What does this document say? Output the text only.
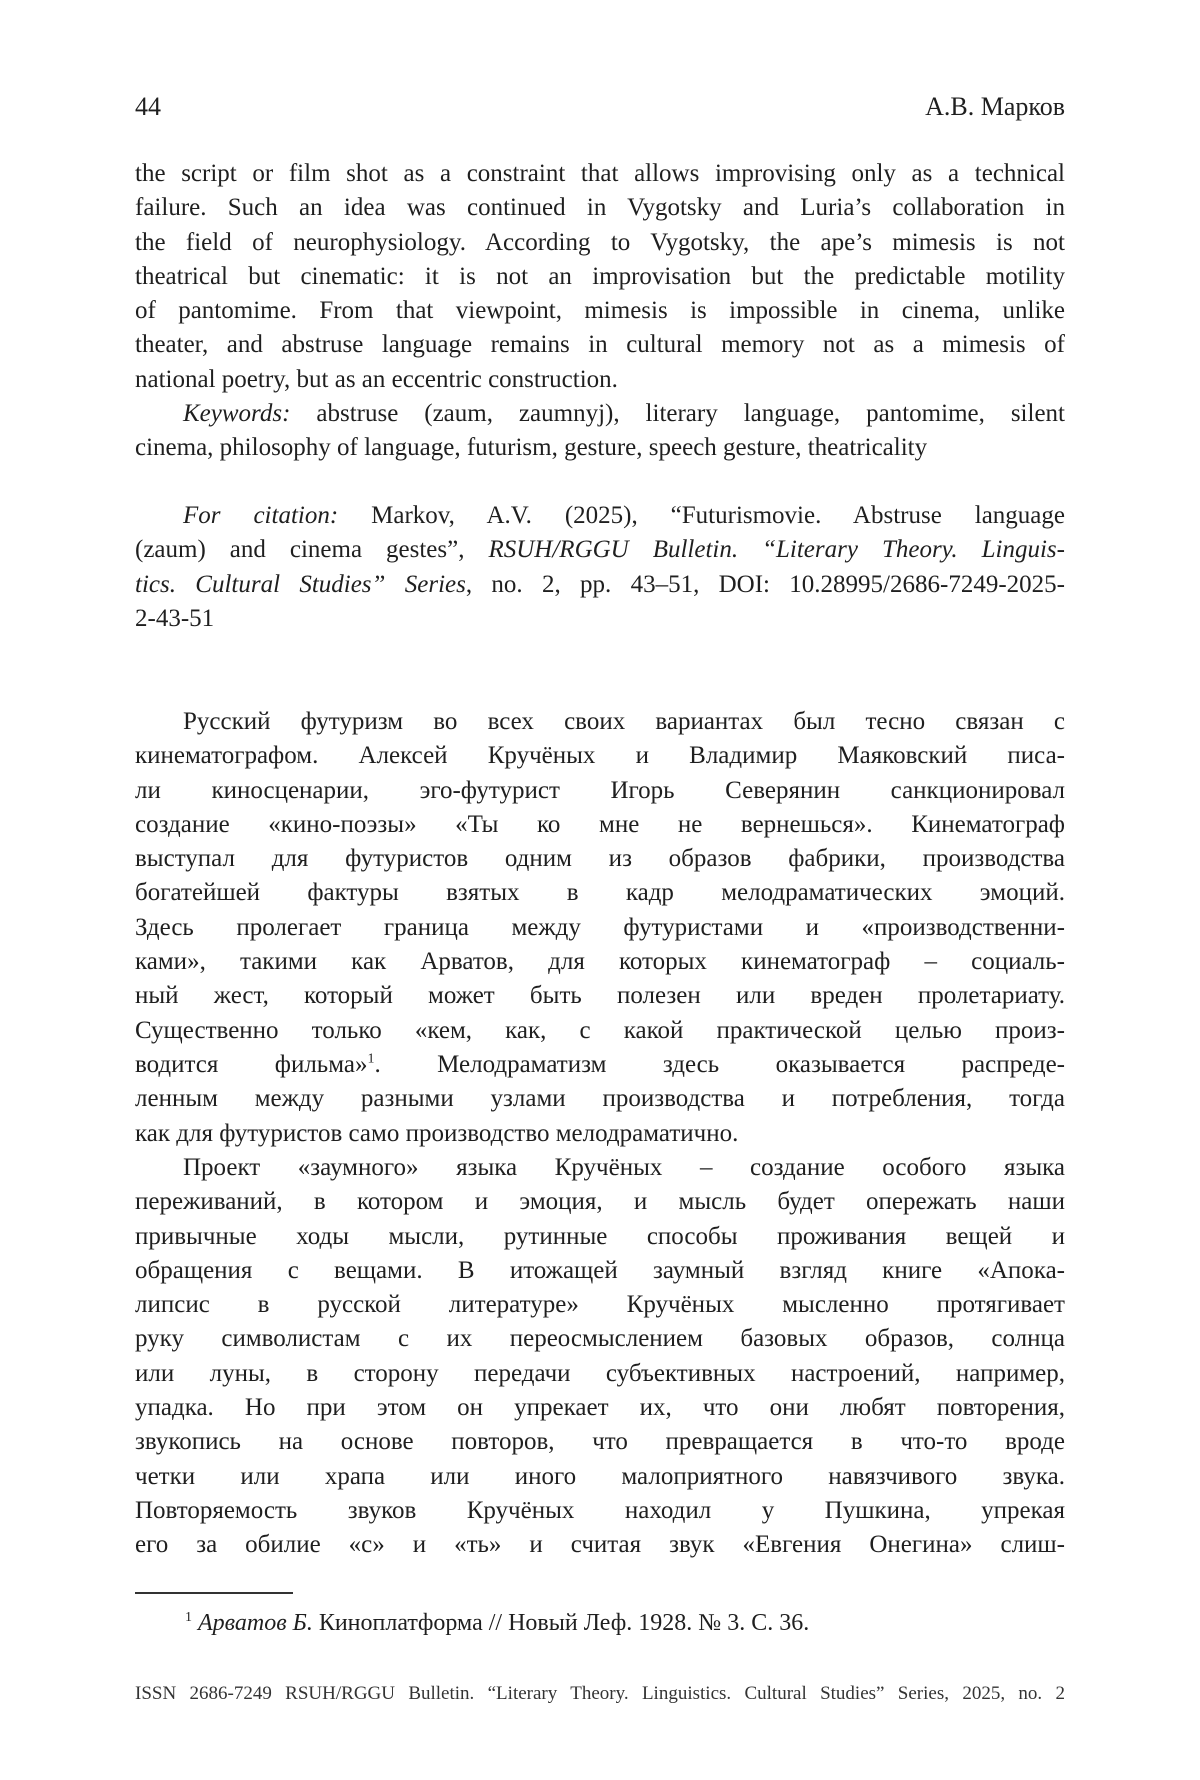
44	А.В. Марков
the script or film shot as a constraint that allows improvising only as a technical
failure. Such an idea was continued in Vygotsky and Luria’s collaboration in
the field of neurophysiology. According to Vygotsky, the ape’s mimesis is not
theatrical but cinematic: it is not an improvisation but the predictable motility
of pantomime. From that viewpoint, mimesis is impossible in cinema, unlike
theater, and abstruse language remains in cultural memory not as a mimesis of
national poetry, but as an eccentric construction.
Keywords: abstruse (zaum, zaumnyj), literary language, pantomime, silent
cinema, philosophy of language, futurism, gesture, speech gesture, theatricality
For citation: Markov, A.V. (2025), “Futurismovie. Abstruse language
(zaum) and cinema gestes”, RSUH/RGGU Bulletin. “Literary Theory. Linguis-
tics. Cultural Studies” Series, no. 2, pp. 43–51, DOI: 10.28995/2686-7249-2025-
2-43-51
Русский футуризм во всех своих вариантах был тесно связан с
кинематографом. Алексей Кручёных и Владимир Маяковский писа-
ли киносценарии, эго-футурист Игорь Северянин санкционировал
создание «кино-поэзы» «Ты ко мне не вернешься». Кинематограф
выступал для футуристов одним из образов фабрики, производства
богатейшей фактуры взятых в кадр мелодраматических эмоций.
Здесь пролегает граница между футуристами и «производственни-
ками», такими как Арватов, для которых кинематограф – социаль-
ный жест, который может быть полезен или вреден пролетариату.
Существенно только «кем, как, с какой практической целью произ-
водится фильма»1. Мелодраматизм здесь оказывается распреде-
ленным между разными узлами производства и потребления, тогда
как для футуристов само производство мелодраматично.
Проект «заумного» языка Кручёных – создание особого языка
переживаний, в котором и эмоция, и мысль будет опережать наши
привычные ходы мысли, рутинные способы проживания вещей и
обращения с вещами. В итожащей заумный взгляд книге «Апока-
липсис в русской литературе» Кручёных мысленно протягивает
руку символистам с их переосмыслением базовых образов, солнца
или луны, в сторону передачи субъективных настроений, например,
упадка. Но при этом он упрекает их, что они любят повторения,
звукопись на основе повторов, что превращается в что-то вроде
четки или храпа или иного малоприятного навязчивого звука.
Повторяемость звуков Кручёных находил у Пушкина, упрекая
его за обилие «с» и «ть» и считая звук «Евгения Онегина» слиш-
1 Арватов Б. Киноплатформа // Новый Леф. 1928. № 3. С. 36.
ISSN 2686-7249 RSUH/RGGU Bulletin. “Literary Theory. Linguistics. Cultural Studies” Series, 2025, no. 2
